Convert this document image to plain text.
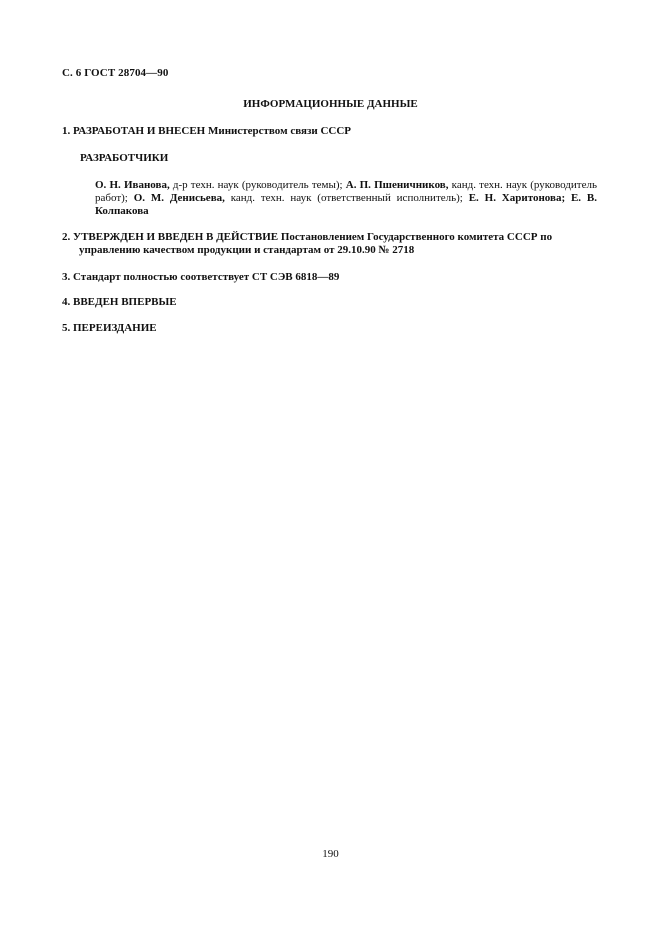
С. 6 ГОСТ 28704—90
ИНФОРМАЦИОННЫЕ ДАННЫЕ
1. РАЗРАБОТАН И ВНЕСЕН Министерством связи СССР
РАЗРАБОТЧИКИ
О. Н. Иванова, д-р техн. наук (руководитель темы); А. П. Пшеничников, канд. техн. наук (руководитель работ); О. М. Денисьева, канд. техн. наук (ответственный исполнитель); Е. Н. Харитонова; Е. В. Колпакова
2. УТВЕРЖДЕН И ВВЕДЕН В ДЕЙСТВИЕ Постановлением Государственного комитета СССР по
управлению качеством продукции и стандартам от 29.10.90 № 2718
3. Стандарт полностью соответствует СТ СЭВ 6818—89
4. ВВЕДЕН ВПЕРВЫЕ
5. ПЕРЕИЗДАНИЕ
190
